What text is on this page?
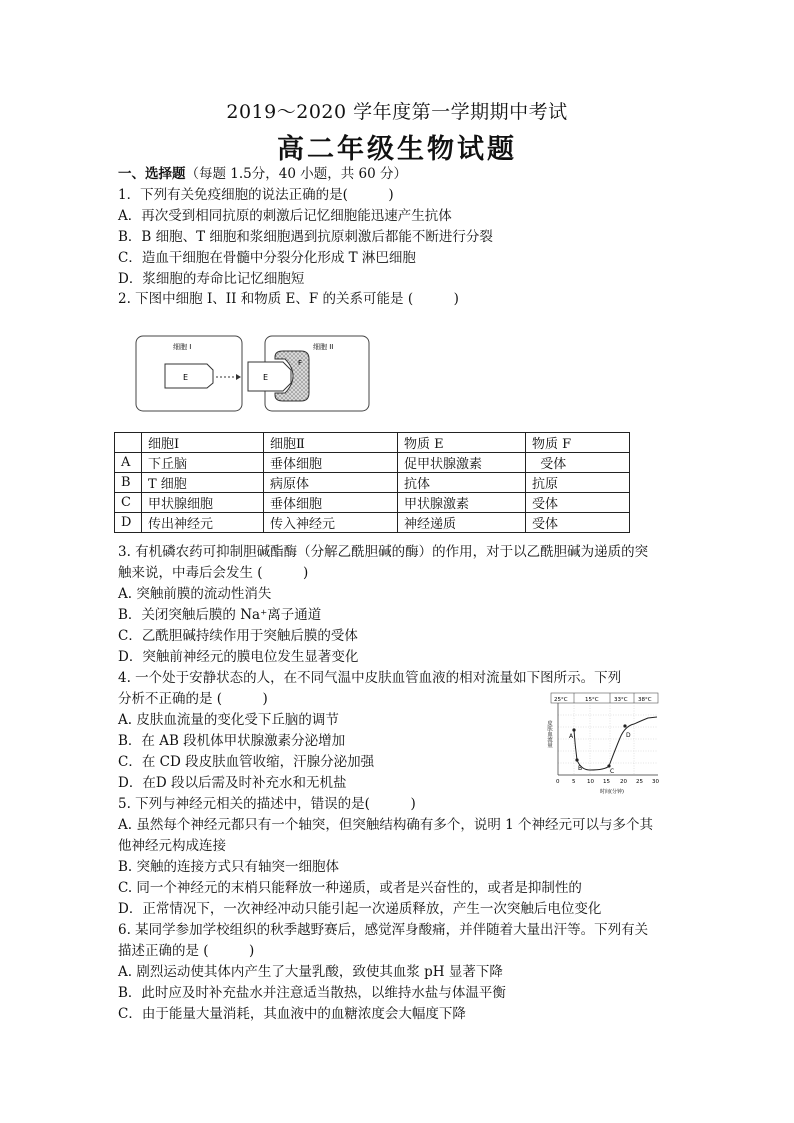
2019～2020 学年度第一学期期中考试
高二年级生物试题
一、选择题（每题 1.5分，40 小题，共 60 分）
1．下列有关免疫细胞的说法正确的是(　　　)
A．再次受到相同抗原的刺激后记忆细胞能迅速产生抗体
B．B 细胞、T 细胞和浆细胞遇到抗原刺激后都能不断进行分裂
C．造血干细胞在骨髓中分裂分化形成 T 淋巴细胞
D．浆细胞的寿命比记忆细胞短
2. 下图中细胞 I、II 和物质 E、F 的关系可能是 (　　　)
细胞 I
E
细胞 II
E
F
	细胞Ⅰ	细胞Ⅱ	物质 E	物质 F
A	下丘脑	垂体细胞	促甲状腺激素	受体
B	T 细胞	病原体	抗体	抗原
C	甲状腺细胞	垂体细胞	甲状腺激素	受体
D	传出神经元	传入神经元	神经递质	受体
3. 有机磷农药可抑制胆碱酯酶（分解乙酰胆碱的酶）的作用，对于以乙酰胆碱为递质的突
触来说，中毒后会发生 (　　　)
A. 突触前膜的流动性消失
B．关闭突触后膜的 Na⁺离子通道
C．乙酰胆碱持续作用于突触后膜的受体
D．突触前神经元的膜电位发生显著变化
4. 一个处于安静状态的人，在不同气温中皮肤血管血液的相对流量如下图所示。下列
分析不正确的是 (　　　)
A. 皮肤血流量的变化受下丘脑的调节
B．在 AB 段机体甲状腺激素分泌增加
C．在 CD 段皮肤血管收缩，汗腺分泌加强
D．在D 段以后需及时补充水和无机盐
25°C	15°C	33°C 38°C
皮肤血流量	A
B	C
D
0 5 10 15 20 25 30
时间(分钟)
5. 下列与神经元相关的描述中，错误的是(　　　)
A. 虽然每个神经元都只有一个轴突，但突触结构确有多个，说明 1 个神经元可以与多个其
他神经元构成连接
B. 突触的连接方式只有轴突一细胞体
C. 同一个神经元的末梢只能释放一种递质，或者是兴奋性的，或者是抑制性的
D．正常情况下，一次神经冲动只能引起一次递质释放，产生一次突触后电位变化
6. 某同学参加学校组织的秋季越野赛后，感觉浑身酸痛，并伴随着大量出汗等。下列有关
描述正确的是 (　　　)
A. 剧烈运动使其体内产生了大量乳酸，致使其血浆 pH 显著下降
B．此时应及时补充盐水并注意适当散热，以维持水盐与体温平衡
C．由于能量大量消耗，其血液中的血糖浓度会大幅度下降
